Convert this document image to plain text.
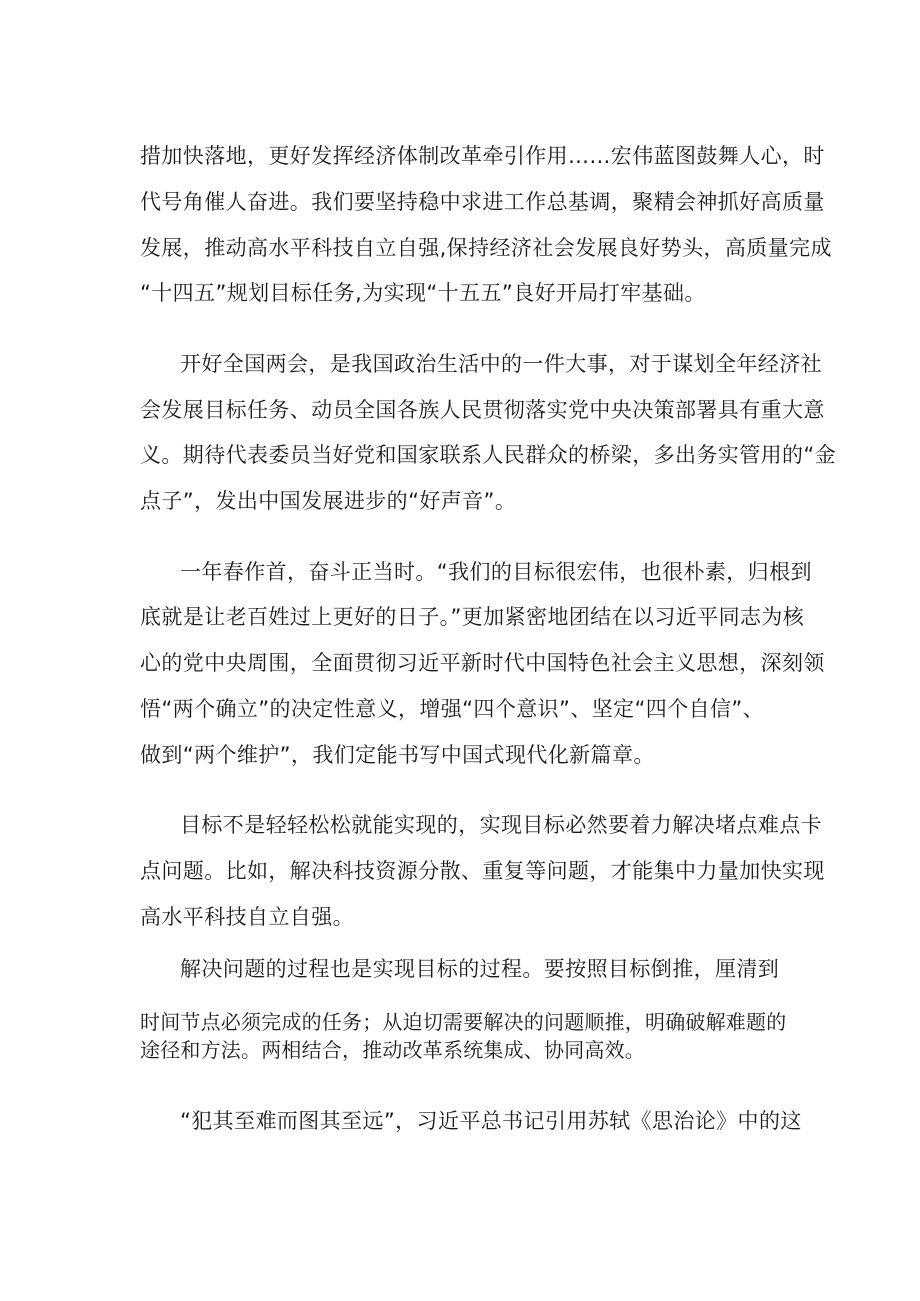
措加快落地，更好发挥经济体制改革牵引作用……宏伟蓝图鼓舞人心，时
代号角催人奋进。我们要坚持稳中求进工作总基调，聚精会神抓好高质量
发展，推动高水平科技自立自强,保持经济社会发展良好势头，高质量完成
“十四五”规划目标任务,为实现“十五五”良好开局打牢基础。
开好全国两会，是我国政治生活中的一件大事，对于谋划全年经济社
会发展目标任务、动员全国各族人民贯彻落实党中央决策部署具有重大意
义。期待代表委员当好党和国家联系人民群众的桥梁，多出务实管用的“金
点子”，发出中国发展进步的“好声音”。
一年春作首，奋斗正当时。“我们的目标很宏伟，也很朴素，归根到
底就是让老百姓过上更好的日子。”更加紧密地团结在以习近平同志为核
心的党中央周围，全面贯彻习近平新时代中国特色社会主义思想，深刻领
悟“两个确立”的决定性意义，增强“四个意识”、坚定“四个自信”、
做到“两个维护”，我们定能书写中国式现代化新篇章。
目标不是轻轻松松就能实现的，实现目标必然要着力解决堵点难点卡
点问题。比如，解决科技资源分散、重复等问题，才能集中力量加快实现
高水平科技自立自强。
解决问题的过程也是实现目标的过程。要按照目标倒推，厘清到
时间节点必须完成的任务；从迫切需要解决的问题顺推，明确破解难题的
途径和方法。两相结合，推动改革系统集成、协同高效。
“犯其至难而图其至远”，习近平总书记引用苏轼《思治论》中的这
